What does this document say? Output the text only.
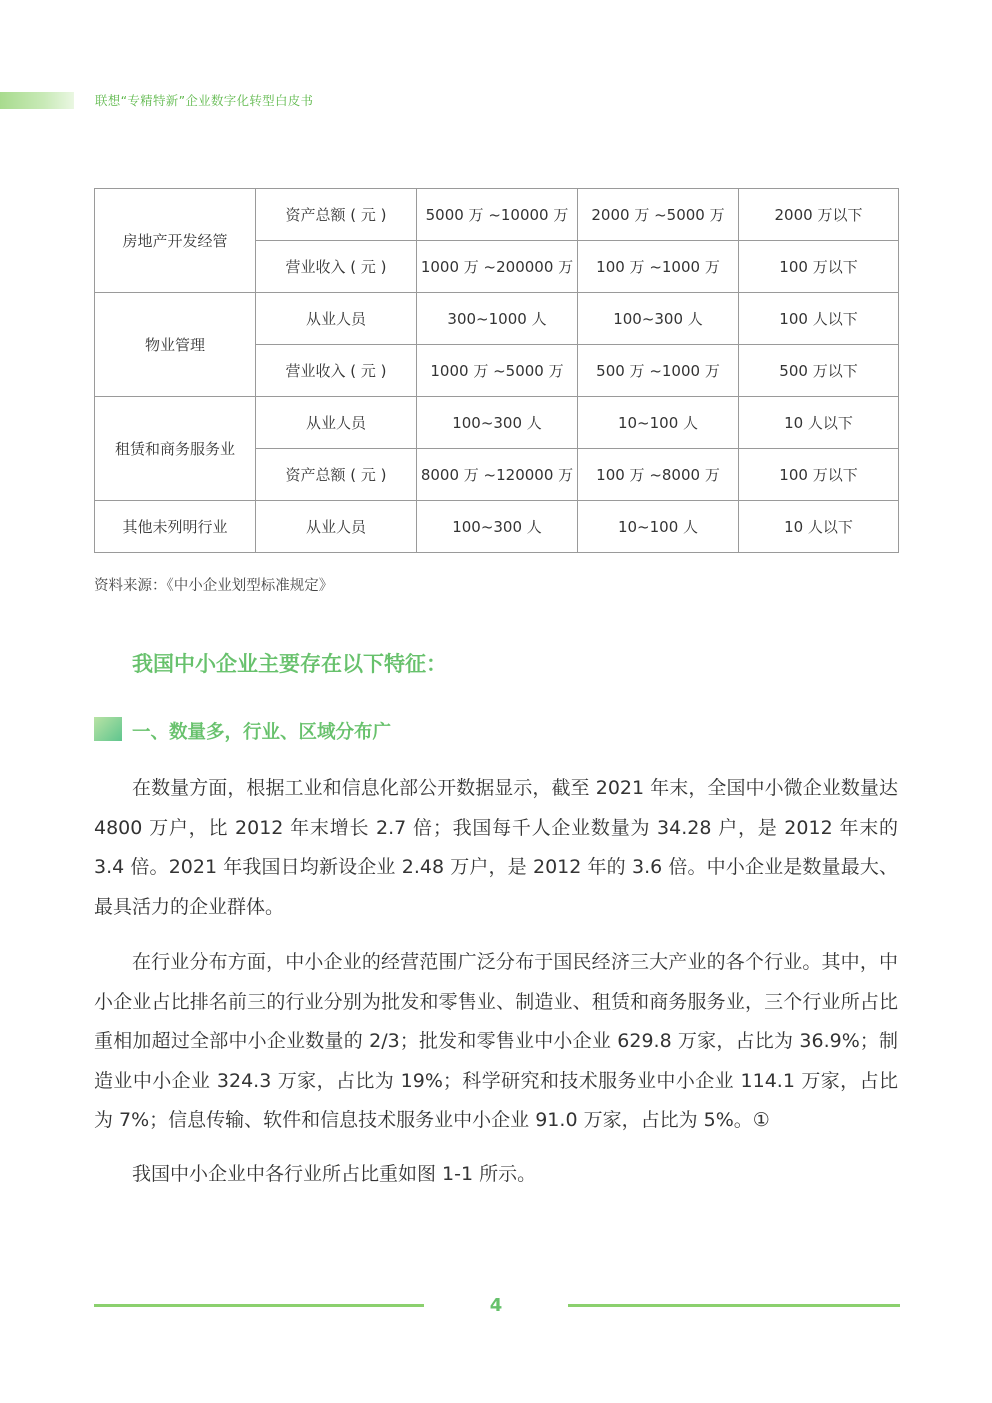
联想“专精特新”企业数字化转型白皮书
房地产开发经管	资产总额 ( 元 )	5000 万 ~10000 万	2000 万 ~5000 万	2000 万以下
	营业收入 ( 元 )	1000 万 ~200000 万	100 万 ~1000 万	100 万以下
物业管理	从业人员	300~1000 人	100~300 人	100 人以下
	营业收入 ( 元 )	1000 万 ~5000 万	500 万 ~1000 万	500 万以下
租赁和商务服务业	从业人员	100~300 人	10~100 人	10 人以下
	资产总额 ( 元 )	8000 万 ~120000 万	100 万 ~8000 万	100 万以下
其他未列明行业	从业人员	100~300 人	10~100 人	10 人以下
资料来源：《中小企业划型标准规定》
我国中小企业主要存在以下特征：
一、数量多，行业、区域分布广

在数量方面，根据工业和信息化部公开数据显示，截至 2021 年末，全国中小微企业数量达 4800 万户，比 2012 年末增长 2.7 倍；我国每千人企业数量为 34.28 户，是 2012 年末的 3.4 倍。2021 年我国日均新设企业 2.48 万户，是 2012 年的 3.6 倍。中小企业是数量最大、最具活力的企业群体。

在行业分布方面，中小企业的经营范围广泛分布于国民经济三大产业的各个行业。其中，中小企业占比排名前三的行业分别为批发和零售业、制造业、租赁和商务服务业，三个行业所占比重相加超过全部中小企业数量的 2/3；批发和零售业中小企业 629.8 万家，占比为 36.9%；制造业中小企业 324.3 万家，占比为 19%；科学研究和技术服务业中小企业 114.1 万家，占比为 7%；信息传输、软件和信息技术服务业中小企业 91.0 万家，占比为 5%。①

我国中小企业中各行业所占比重如图 1-1 所示。

4
